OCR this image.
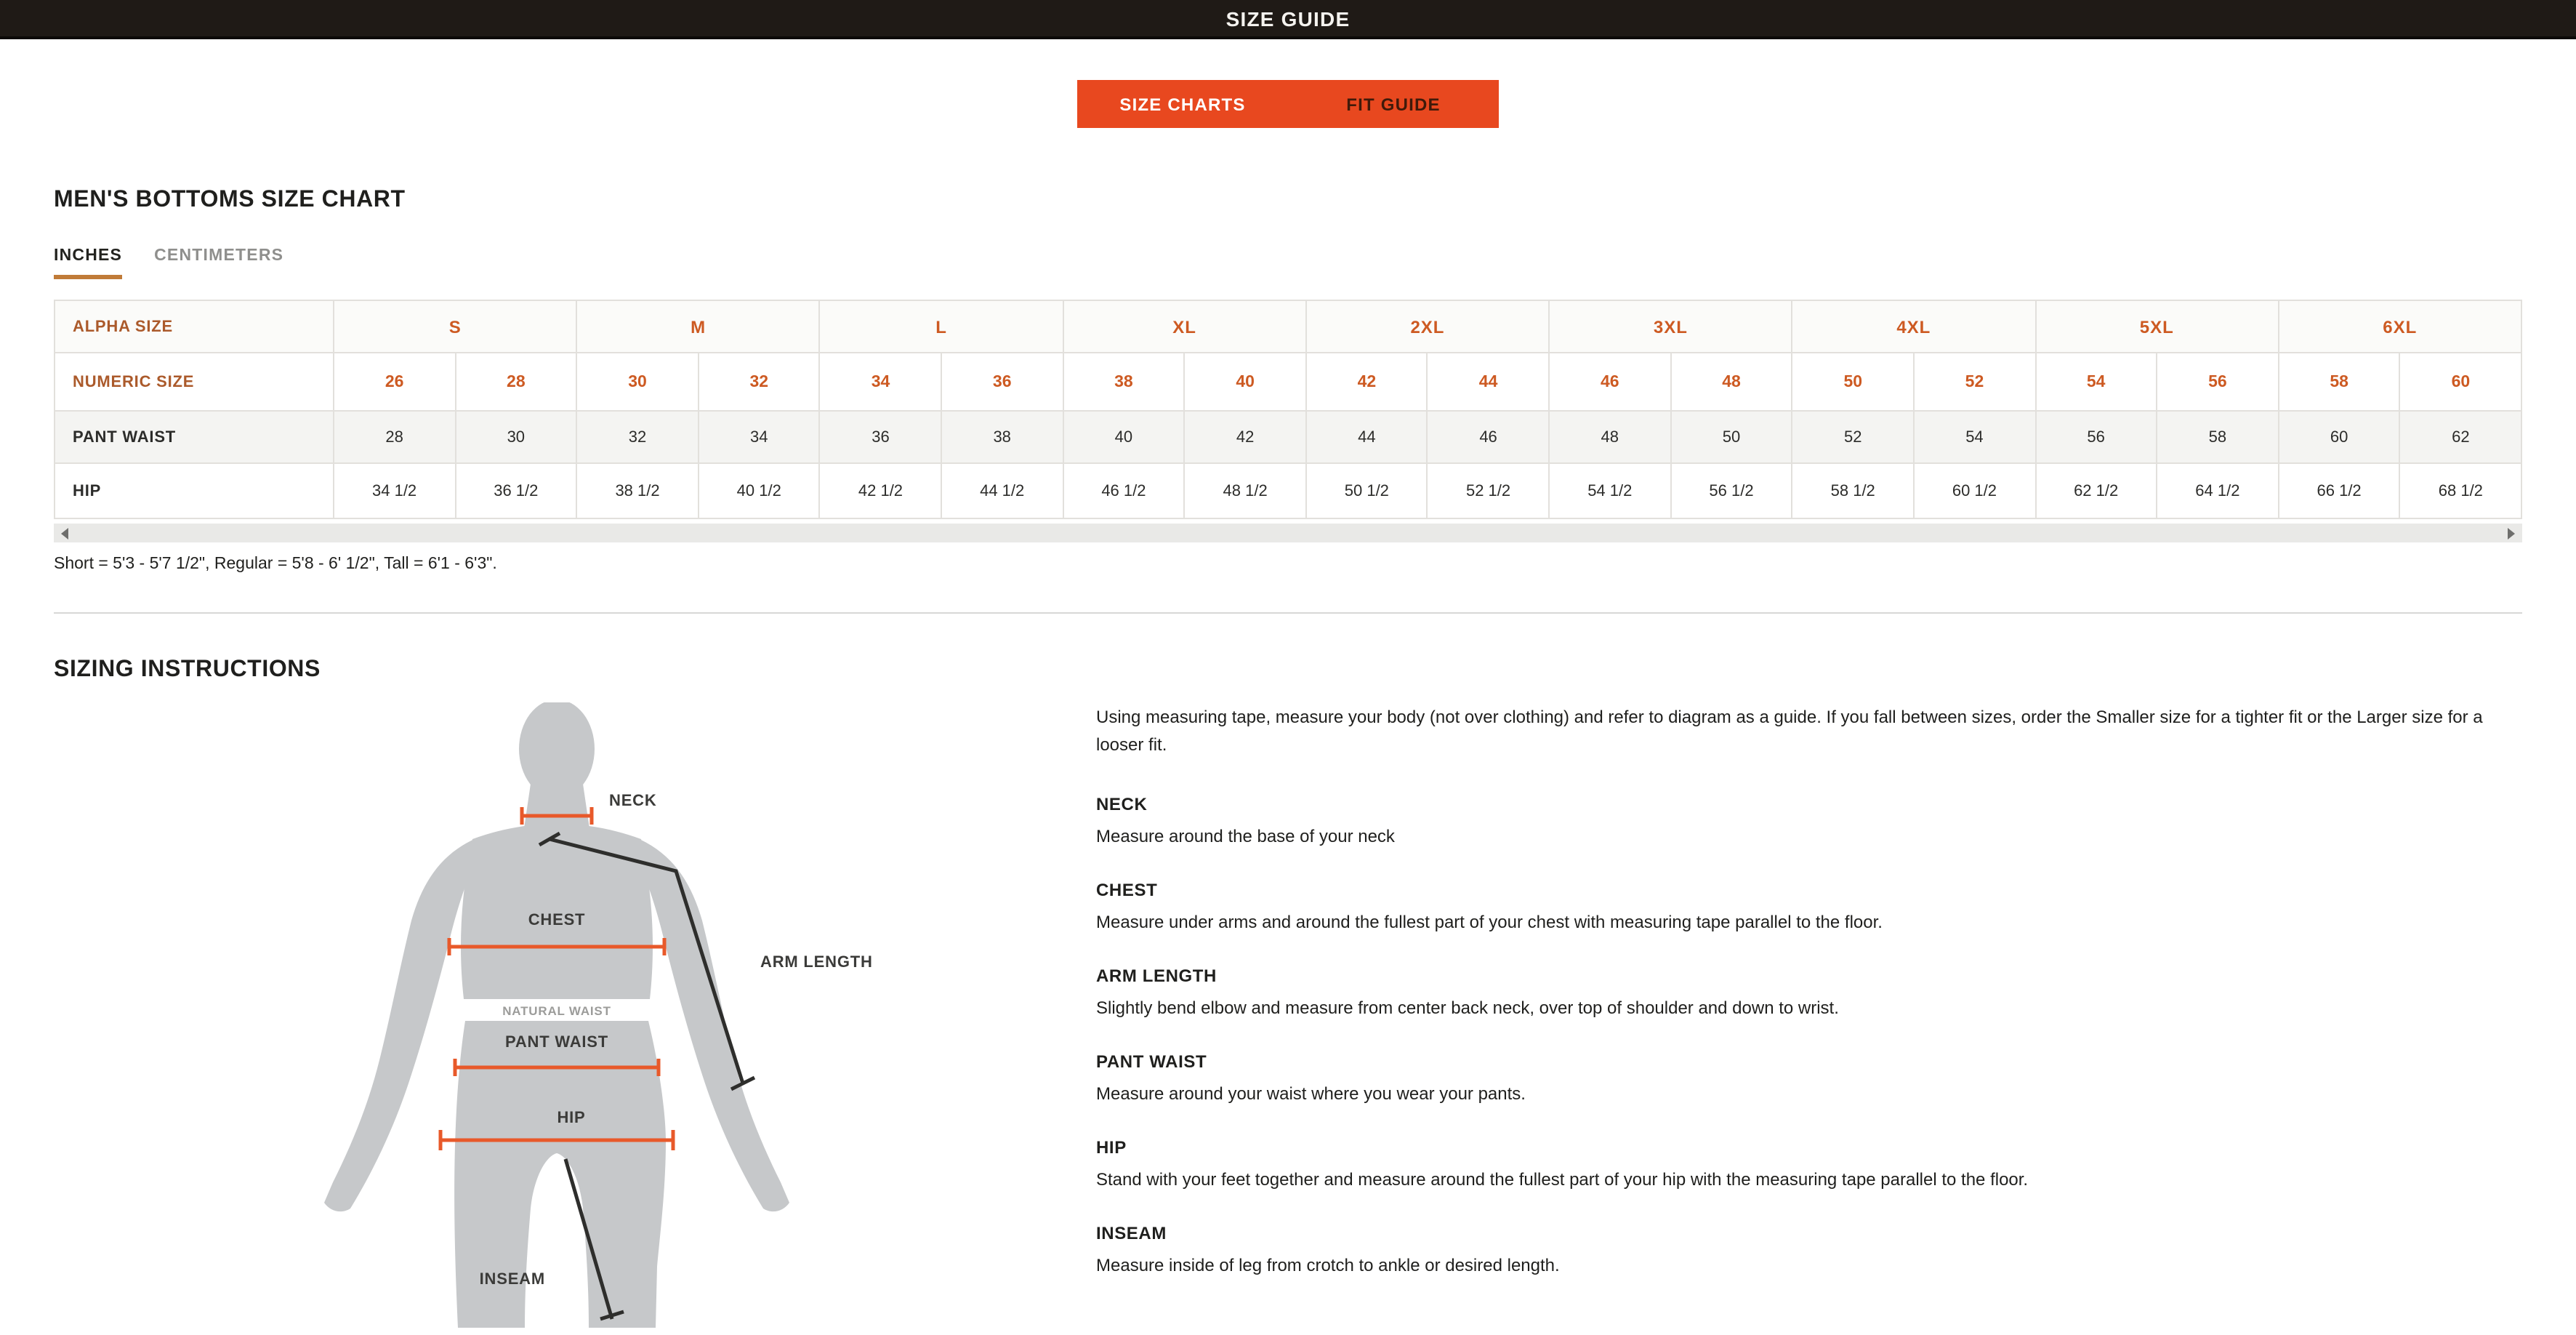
SIZE GUIDE
SIZE CHARTS	FIT GUIDE
MEN'S BOTTOMS SIZE CHART
INCHES	CENTIMETERS
ALPHA SIZE	S		M		L		XL		2XL		3XL		4XL		5XL		6XL	
NUMERIC SIZE	26	28	30	32	34	36	38	40	42	44	46	48	50	52	54	56	58	60
PANT WAIST	28	30	32	34	36	38	40	42	44	46	48	50	52	54	56	58	60	62
HIP	34 1/2	36 1/2	38 1/2	40 1/2	42 1/2	44 1/2	46 1/2	48 1/2	50 1/2	52 1/2	54 1/2	56 1/2	58 1/2	60 1/2	62 1/2	64 1/2	66 1/2	68 1/2

Short = 5'3 - 5'7 1/2", Regular = 5'8 - 6' 1/2", Tall = 6'1 - 6'3".

SIZING INSTRUCTIONS
NECK
ARM LENGTH
CHEST
NATURAL WAIST
PANT WAIST
HIP
INSEAM

Using measuring tape, measure your body (not over clothing) and refer to diagram as a guide. If you fall between sizes, order the Smaller size for a tighter fit or the Larger size for a looser fit.

NECK

Measure around the base of your neck

CHEST

Measure under arms and around the fullest part of your chest with measuring tape parallel to the floor.

ARM LENGTH

Slightly bend elbow and measure from center back neck, over top of shoulder and down to wrist.

PANT WAIST

Measure around your waist where you wear your pants.

HIP

Stand with your feet together and measure around the fullest part of your hip with the measuring tape parallel to the floor.

INSEAM

Measure inside of leg from crotch to ankle or desired length.
